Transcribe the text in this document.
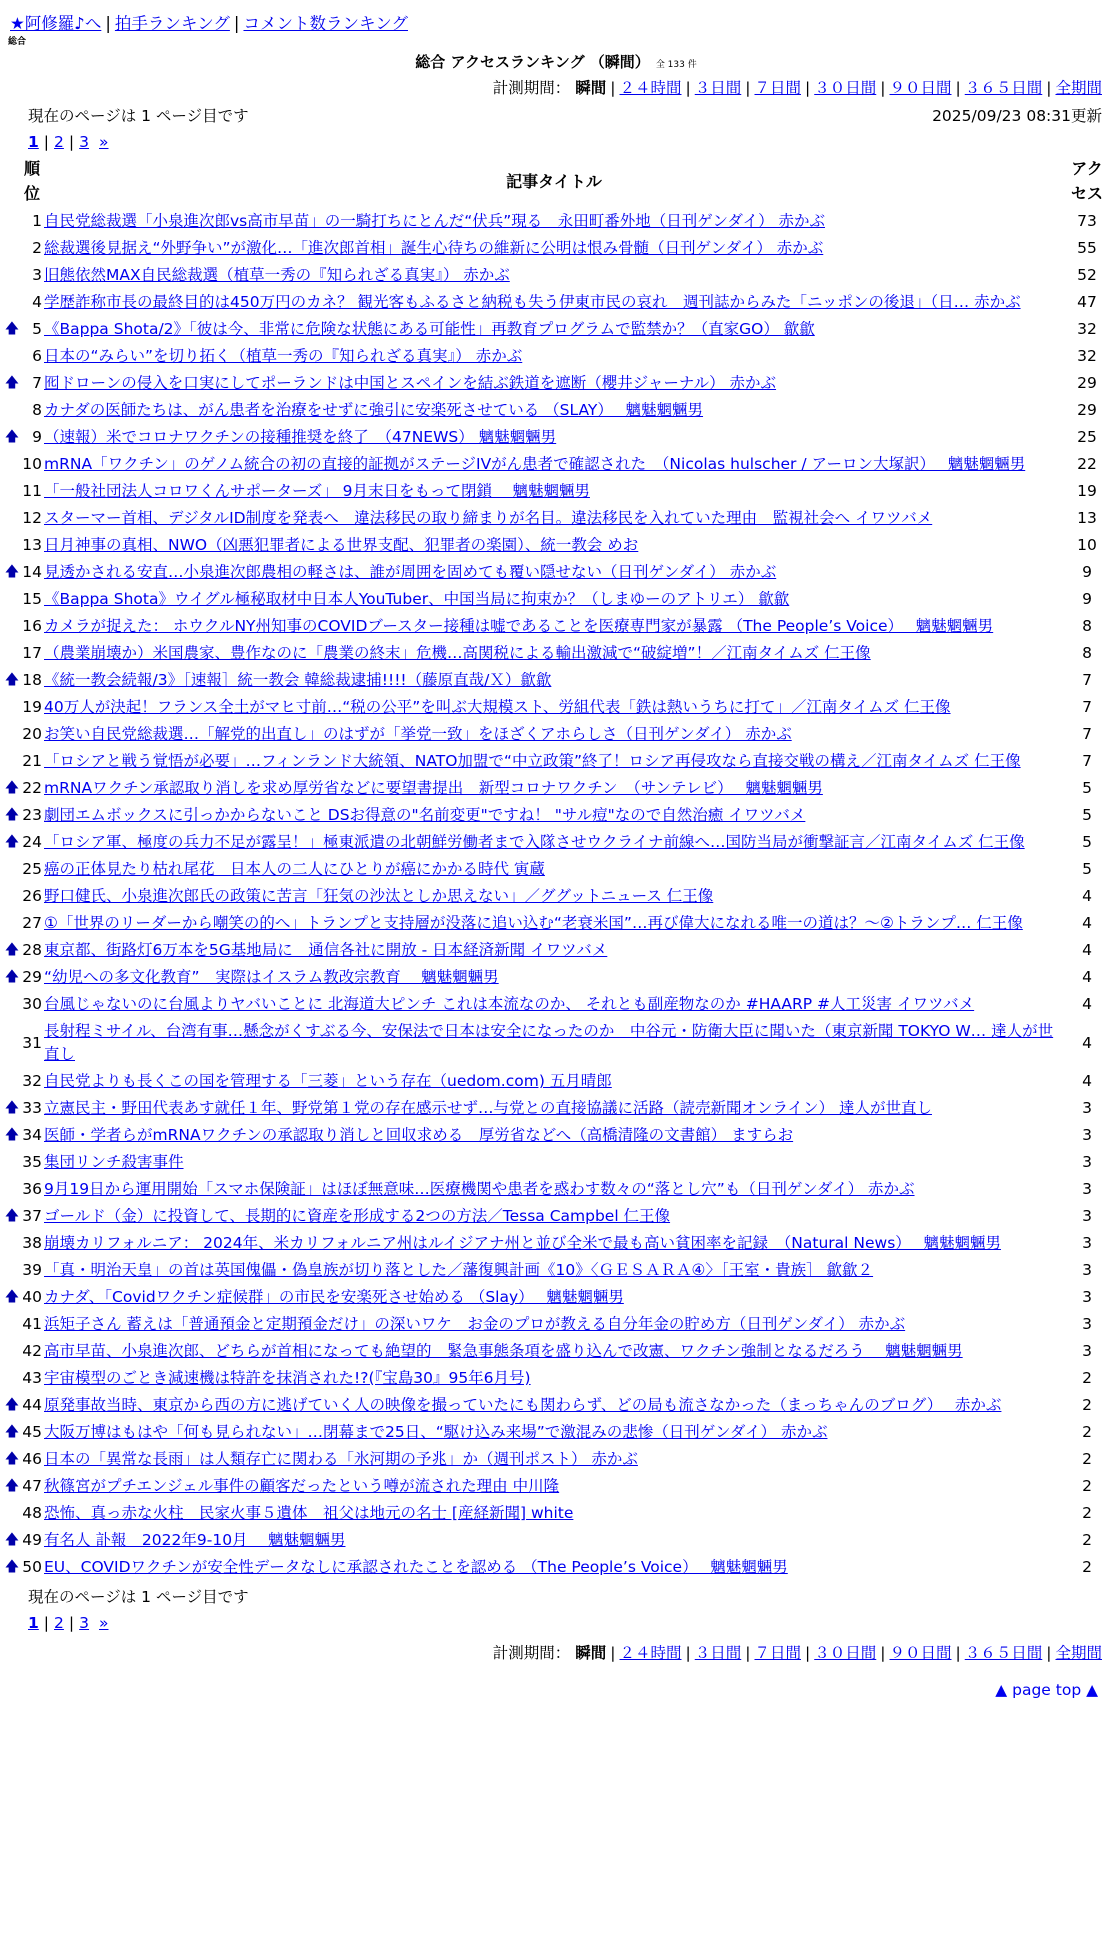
★阿修羅♪へ | 拍手ランキング | コメント数ランキング
総合
総合 アクセスランキング （瞬間） 全 133 件
計測期間： 瞬間 | ２４時間 | ３日間 | ７日間 | ３０日間 | ９０日間 | ３６５日間 | 全期間
現在のページは 1 ページ目です	2025/09/23 08:31更新
1 | 2 | 3 »
	順位	記事タイトル	アクセス
	1	自民党総裁選「小泉進次郎vs高市早苗」の一騎打ちにとんだ“伏兵”現る　永田町番外地（日刊ゲンダイ） 赤かぶ	73
	2	総裁選後見据え“外野争い”が激化…「進次郎首相」誕生心待ちの維新に公明は恨み骨髄（日刊ゲンダイ） 赤かぶ	55
	3	旧態依然MAX自民総裁選（植草一秀の『知られざる真実』） 赤かぶ	52
	4	学歴詐称市長の最終目的は450万円のカネ？ 観光客もふるさと納税も失う伊東市民の哀れ　週刊誌からみた「ニッポンの後退」（日… 赤かぶ	47
🡅	5	《Bappa Shota/2》「彼は今、非常に危険な状態にある可能性」再教育プログラムで監禁か？（直家GO） 歙歙	32
	6	日本の“みらい”を切り拓く（植草一秀の『知られざる真実』） 赤かぶ	32
🡅	7	囮ドローンの侵入を口実にしてポーランドは中国とスペインを結ぶ鉄道を遮断（櫻井ジャーナル） 赤かぶ	29
	8	カナダの医師たちは、がん患者を治療をせずに強引に安楽死させている （SLAY）　 魑魅魍魎男	29
🡅	9	（速報）米でコロナワクチンの接種推奨を終了　（47NEWS） 魑魅魍魎男	25
	10	mRNA「ワクチン」のゲノム統合の初の直接的証拠がステージIVがん患者で確認された　（Nicolas hulscher / アーロン大塚訳）　 魑魅魍魎男	22
	11	「一般社団法人コロワくんサポーターズ」 9月末日をもって閉鎖　 魑魅魍魎男	19
	12	スターマー首相、デジタルID制度を発表へ　違法移民の取り締まりが名目。違法移民を入れていた理由　監視社会へ イワツバメ	13
	13	日月神事の真相、NWO（凶悪犯罪者による世界支配、犯罪者の楽園）、統一教会 めお	10
🡅	14	見透かされる安直…小泉進次郎農相の軽さは、誰が周囲を固めても覆い隠せない（日刊ゲンダイ） 赤かぶ	9
	15	《Bappa Shota》ウイグル極秘取材中日本人YouTuber、中国当局に拘束か？（しまゆーのアトリエ） 歙歙	9
	16	カメラが捉えた： ホウクルNY州知事のCOVIDブースター接種は嘘であることを医療専門家が暴露 （The People’s Voice）　 魑魅魍魎男	8
	17	（農業崩壊か）米国農家、豊作なのに「農業の終末」危機…高関税による輸出激減で“破綻増”！／江南タイムズ 仁王像	8
🡅	18	《統一教会続報/3》［速報］統一教会 韓総裁逮捕!!!!（藤原直哉/Ｘ）歙歙	7
	19	40万人が決起！フランス全土がマヒ寸前…“税の公平”を叫ぶ大規模スト、労組代表「鉄は熱いうちに打て」／江南タイムズ 仁王像	7
	20	お笑い自民党総裁選…「解党的出直し」のはずが「挙党一致」をほざくアホらしさ（日刊ゲンダイ） 赤かぶ	7
	21	「ロシアと戦う覚悟が必要」…フィンランド大統領、NATO加盟で“中立政策”終了！ロシア再侵攻なら直接交戦の構え／江南タイムズ 仁王像	7
🡅	22	mRNAワクチン承認取り消しを求め厚労省などに要望書提出　新型コロナワクチン　（サンテレビ）　 魑魅魍魎男	5
🡅	23	劇団エムボックスに引っかからないこと DSお得意の"名前変更"ですね！ "サル痘"なので自然治癒 イワツバメ	5
🡅	24	「ロシア軍、極度の兵力不足が露呈！」極東派遣の北朝鮮労働者まで入隊させウクライナ前線へ…国防当局が衝撃証言／江南タイムズ 仁王像	5
	25	癌の正体見たり枯れ尾花　日本人の二人にひとりが癌にかかる時代 寅蔵	5
	26	野口健氏、小泉進次郎氏の政策に苦言「狂気の沙汰としか思えない」／ググットニュース 仁王像	4
	27	①「世界のリーダーから嘲笑の的へ」トランプと支持層が没落に追い込む“老衰米国”…再び偉大になれる唯一の道は？～②トランプ… 仁王像	4
🡅	28	東京都、街路灯6万本を5G基地局に　通信各社に開放 - 日本経済新聞 イワツバメ	4
🡅	29	“幼児への多文化教育”　実際はイスラム教改宗教育　 魑魅魍魎男	4
	30	台風じゃないのに台風よりヤバいことに 北海道大ピンチ これは本流なのか、 それとも副産物なのか #HAARP #人工災害 イワツバメ	4
	31	長射程ミサイル、台湾有事…懸念がくすぶる今、安保法で日本は安全になったのか　中谷元・防衛大臣に聞いた（東京新聞 TOKYO W… 達人が世直し	4
	32	自民党よりも長くこの国を管理する「三菱」という存在（uedom.com) 五月晴郎	4
🡅	33	立憲民主・野田代表あす就任１年、野党第１党の存在感示せず…与党との直接協議に活路（読売新聞オンライン） 達人が世直し	3
🡅	34	医師・学者らがmRNAワクチンの承認取り消しと回収求める　厚労省などへ（高橋清隆の文書館） ますらお	3
	35	集団リンチ殺害事件	3
	36	9月19日から運用開始「スマホ保険証」はほぼ無意味…医療機関や患者を惑わす数々の“落とし穴”も（日刊ゲンダイ） 赤かぶ	3
🡅	37	ゴールド（金）に投資して、長期的に資産を形成する2つの方法／Tessa Campbel 仁王像	3
	38	崩壊カリフォルニア： 2024年、米カリフォルニア州はルイジアナ州と並び全米で最も高い貧困率を記録　（Natural News）　 魑魅魍魎男	3
	39	「真・明治天皇」の首は英国傀儡・偽皇族が切り落とした／藩復興計画《10》〈ＧＥＳＡＲＡ④〉［王室・貴族］ 歙歙２	3
🡅	40	カナダ、「Covidワクチン症候群」の市民を安楽死させ始める （Slay）　 魑魅魍魎男	3
	41	浜矩子さん 蓄えは「普通預金と定期預金だけ」の深いワケ　お金のプロが教える自分年金の貯め方（日刊ゲンダイ） 赤かぶ	3
	42	高市早苗、小泉進次郎、どちらが首相になっても絶望的　緊急事態条項を盛り込んで改憲、ワクチン強制となるだろう　 魑魅魍魎男	3
	43	宇宙模型のごとき減速機は特許を抹消された!?(『宝島30』95年6月号)	2
🡅	44	原発事故当時、東京から西の方に逃げていく人の映像を撮っていたにも関わらず、どの局も流さなかった（まっちゃんのブログ）　 赤かぶ	2
🡅	45	大阪万博はもはや「何も見られない」…閉幕まで25日、“駆け込み来場”で激混みの悲惨（日刊ゲンダイ） 赤かぶ	2
🡅	46	日本の「異常な長雨」は人類存亡に関わる「氷河期の予兆」か（週刊ポスト） 赤かぶ	2
🡅	47	秋篠宮がプチエンジェル事件の顧客だったという噂が流された理由 中川隆	2
	48	恐怖、真っ赤な火柱　民家火事５遺体　祖父は地元の名士 [産経新聞] white	2
🡅	49	有名人 訃報　2022年9-10月　 魑魅魍魎男	2
🡅	50	EU、COVIDワクチンが安全性データなしに承認されたことを認める （The People’s Voice）　 魑魅魍魎男	2
現在のページは 1 ページ目です
1 | 2 | 3 »
計測期間： 瞬間 | ２４時間 | ３日間 | ７日間 | ３０日間 | ９０日間 | ３６５日間 | 全期間
▲ page top ▲
